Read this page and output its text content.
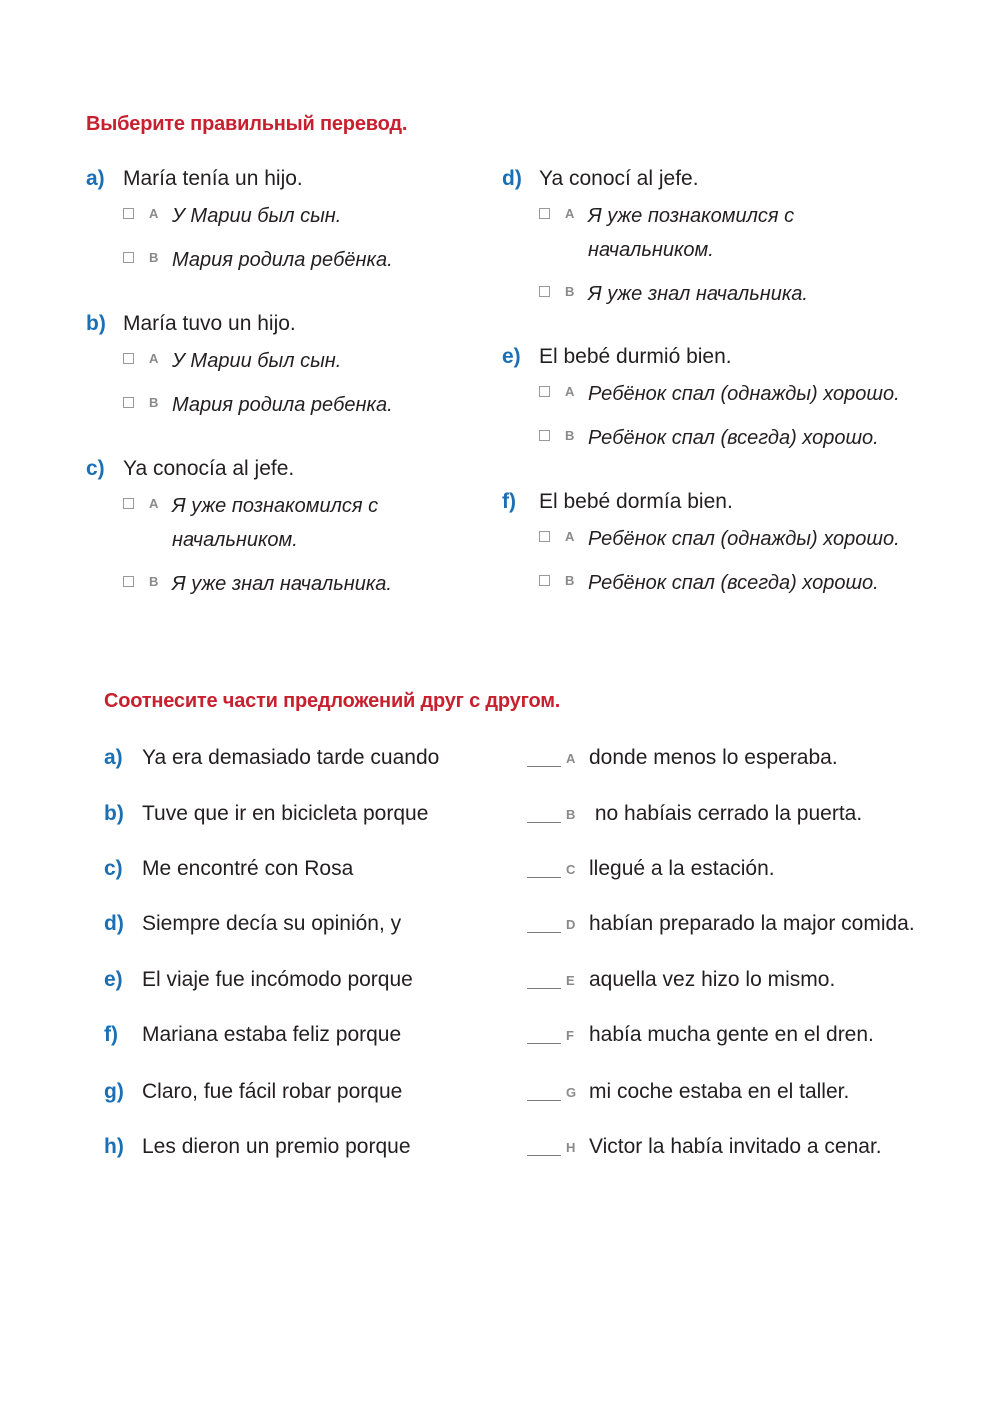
Выберите правильный перевод.
a) María tenía un hijo.
A У Марии был сын.
B Мария родила ребёнка.
b) María tuvo un hijo.
A У Марии был сын.
B Мария родила ребенка.
c) Ya conocía al jefe.
A Я уже познакомился с начальником.
B Я уже знал начальника.
d) Ya conocí al jefe.
A Я уже познакомился с начальником.
B Я уже знал начальника.
e) El bebé durmió bien.
A Ребёнок спал (однажды) хорошо.
B Ребёнок спал (всегда) хорошо.
f) El bebé dormía bien.
A Ребёнок спал (однажды) хорошо.
B Ребёнок спал (всегда) хорошо.
Соотнесите части предложений друг с другом.
a) Ya era demasiado tarde cuando	A donde menos lo esperaba.
b) Tuve que ir en bicicleta porque	B no habíais cerrado la puerta.
c) Me encontré con Rosa	C llegué a la estación.
d) Siempre decía su opinión, y	D habían preparado la major comida.
e) El viaje fue incómodo porque	E aquella vez hizo lo mismo.
f) Mariana estaba feliz porque	F había mucha gente en el dren.
g) Claro, fue fácil robar porque	G mi coche estaba en el taller.
h) Les dieron un premio porque	H Victor la había invitado a cenar.
